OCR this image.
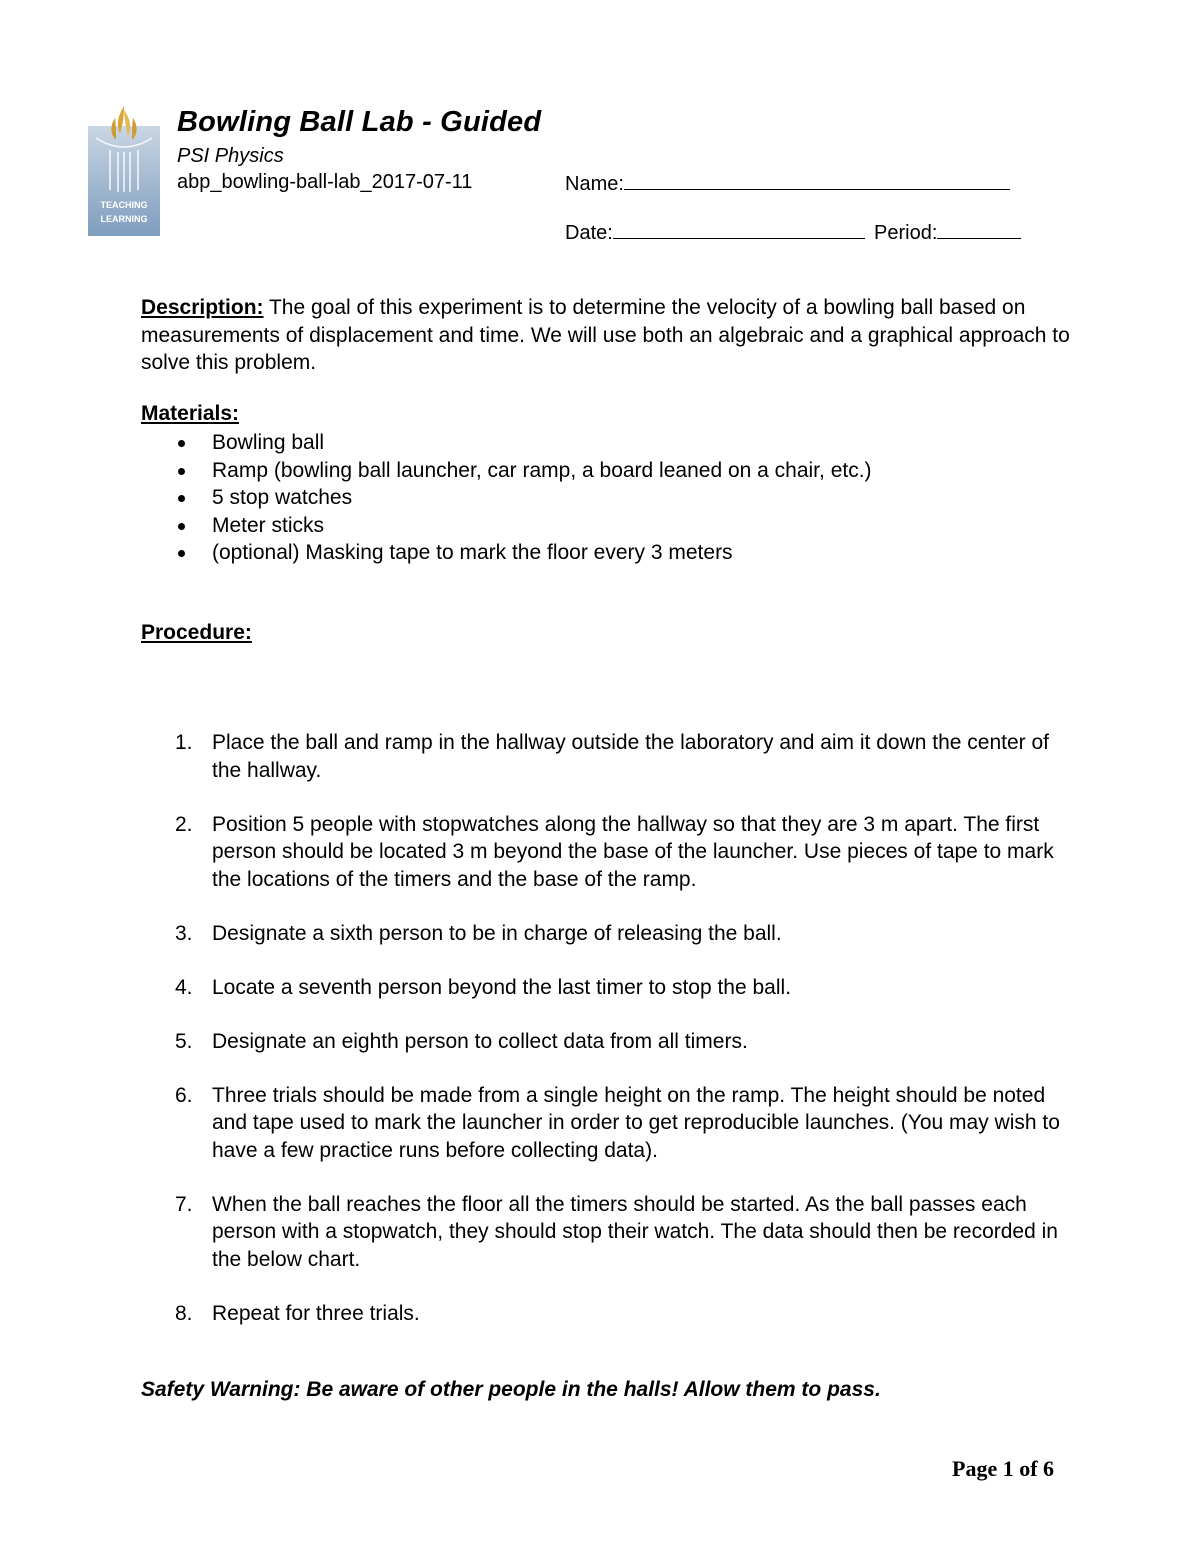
TEACHING
LEARNING
Bowling Ball Lab - Guided
PSI Physics
abp_bowling-ball-lab_2017-07-11	Name:
Date:	Period:
Description: The goal of this experiment is to determine the velocity of a bowling ball based on measurements of displacement and time. We will use both an algebraic and a graphical approach to solve this problem.
Materials:
Bowling ball
Ramp (bowling ball launcher, car ramp, a board leaned on a chair, etc.)
5 stop watches
Meter sticks
(optional) Masking tape to mark the floor every 3 meters
Procedure:
1. Place the ball and ramp in the hallway outside the laboratory and aim it down the center of the hallway.
2. Position 5 people with stopwatches along the hallway so that they are 3 m apart. The first person should be located 3 m beyond the base of the launcher. Use pieces of tape to mark the locations of the timers and the base of the ramp.
3. Designate a sixth person to be in charge of releasing the ball.
4. Locate a seventh person beyond the last timer to stop the ball.
5. Designate an eighth person to collect data from all timers.
6. Three trials should be made from a single height on the ramp. The height should be noted and tape used to mark the launcher in order to get reproducible launches. (You may wish to have a few practice runs before collecting data).
7. When the ball reaches the floor all the timers should be started. As the ball passes each person with a stopwatch, they should stop their watch. The data should then be recorded in the below chart.
8. Repeat for three trials.
Safety Warning: Be aware of other people in the halls! Allow them to pass.
Page 1 of 6
